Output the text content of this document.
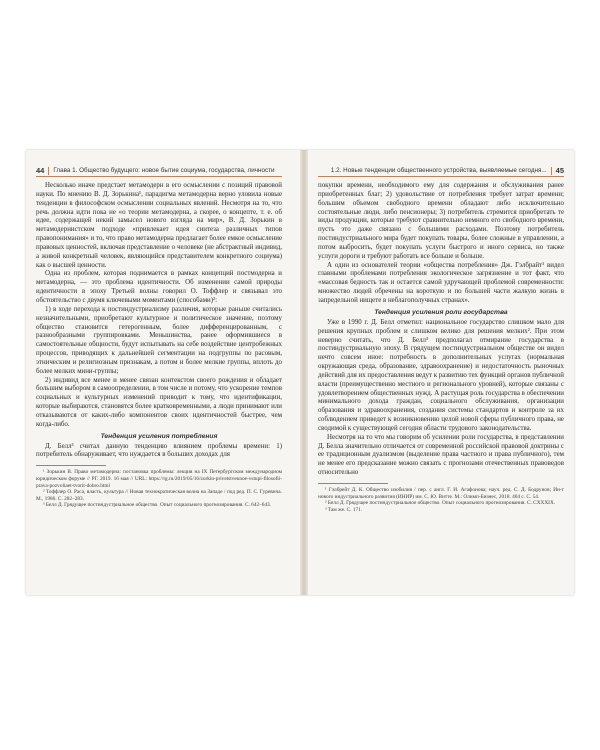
44 Глава 1. Общество будущего: новое бытие социума, государства, личности

Несколько иначе предстает метамодерн в его осмыслении с позиций правовой науки. По мнению В. Д. Зорькина¹, парадигма метамодерна верно уловила новые тенденции в философском осмыслении социальных явлений. Несмотря на то, что речь должна идти пока не «о теории метамодерна, а скорее, о концепте, т. е. об идее, содержащей некий замысел нового взгляда на мир», В. Д. Зорькин в метамодернистском подходе «привлекает идея синтеза различных типов правопонимания» и то, что право метамодерна предлагает более емкое осмысление правовых ценностей, включая представление о человеке (не абстрактный индивид, а живой конкретный человек, являющийся представителем конкретного социума) как о высшей ценности.

Одна из проблем, которая поднимается в рамках концепций постмодерна и метамодерна, — это проблема идентичности. Об изменении самой природы идентичности в эпоху Третьей волны говорил О. Тоффлер и связывал это обстоятельство с двумя ключевыми моментами (способами)²:

1) в ходе перехода к постиндустриализму различия, которые раньше считались незначительными, приобретают культурное и политическое значение, поэтому общество становится гетерогенным, более дифференцированным, с разнообразными группировками. Меньшинства, ранее оформившиеся в самостоятельные общности, будут испытывать на себе воздействие центробежных процессов, приводящих к дальнейшей сегментации на подгруппы по расовым, этническим и религиозным признакам, а потом и более мелкие группы, вплоть до более мелких мини-группы;

2) индивид все менее и менее связан контекстом своего рождения и обладает большим выбором в самоопределении, в том числе и потому, что ускорение темпов социальных и культурных изменений приводит к тому, что идентификации, которые выбираются, становятся более кратковременными, а люди принимают или отказываются от каких-либо компонентов своих идентичностей быстрее, чем когда-либо.

Тенденция усиления потребления

Д. Белл³ считал данную тенденцию влиянием проблемы времени: 1) потребитель обнаруживает, что нуждается в больших доходах для

¹ Зорькин В. Право метамодерна: постановка проблемы: лекция на IX Петербургском международном юридическом форуме // РГ. 2019. 16 мая // URL: https://rg.ru/2019/05/16/zorkin-privetstvennoe-vstupi-filosofii-prava-pozvoliaet-tvorit-dobro.html

² Тоффлер О. Раса, власть, культура // Новая технократическая волна на Западе / под ред. П. С. Гуревича. М., 1986. С. 282–283.

³ Белл Д. Грядущее постиндустриальное общество. Опыт социального прогнозирования. С. 642–643.

1.2. Новые тенденции общественного устройства, выявляемые сегодня... 45

покупки времени, необходимого ему для содержания и обслуживания ранее приобретенных благ; 2) удовольствие от потребления требует затрат времени; большим объемом свободного времени обладают либо исключительно состоятельные люди, либо пенсионеры; 3) потребитель стремится приобретать те виды продукции, которые требуют сравнительно немного его свободного времени, пусть это даже связано с большими расходами. Поэтому потребитель постиндустриального мира будет покупать товары, более сложные в управлении, а потом выбросить, будет покупать услуги быстрого и иного сервиса, но также услуги дороги и требуют работать все больше и больше.

А один из основателей теории «общества потребления» Дж. Гэлбрайт¹ видел главными проблемами потребления экологическое загрязнение и тот факт, что «массовая бедность так и остается самой удручающей проблемой современности: множество людей обречены на короткую и по большей части жалкую жизнь в запредельной нищете в неблагополучных странах».

Тенденция усиления роли государства

Уже в 1990 г. Д. Белл отметил: национальное государство слишком мало для решения крупных проблем и слишком велико для решения мелких². При этом неверно считать, что Д. Белл³ предполагал отмирание государства в постиндустриальную эпоху. В грядущем постиндустриальном обществе он видел нечто совсем иное: потребность в дополнительных услугах (нормальная окружающая среда, образование, здравоохранение) и недостаточность рыночных действий для их предоставления ведут к развитию тех функций органов публичной власти (преимущественно местного и регионального уровней), которые связаны с удовлетворением общественных нужд. А растущая роль государства в обеспечении минимального дохода граждан, социального обслуживания, организации образования и здравоохранения, создания системы стандартов и контроле за их соблюдением приведет к возникновению целой новой сферы публичного права, не сводимой к существующей сегодня области трудового законодательства.

Несмотря на то что мы говорим об усилении роли государства, в представлении Д. Белла значительно отличается от современной российской правовой доктрины с ее традиционным дуализмом (выделение права частного и права публичного), тем не менее его предсказание можно связать с прогнозами отечественных правоведов относительно

¹ Гэлбрейт Д. К. Общество изобилия / пер. с англ. Г. И. Агафонова; науч. ред. С. Д. Бодрунов; Ин-т нового индустриального развития (ИНИР) им. С. Ю. Витте. М.: Олимп-Бизнес, 2018. 404 с. С. 54.

² Белл Д. Грядущее постиндустриальное общество. Опыт социального прогнозирования. С. CXXXIX.

³ Там же. С. 171.
